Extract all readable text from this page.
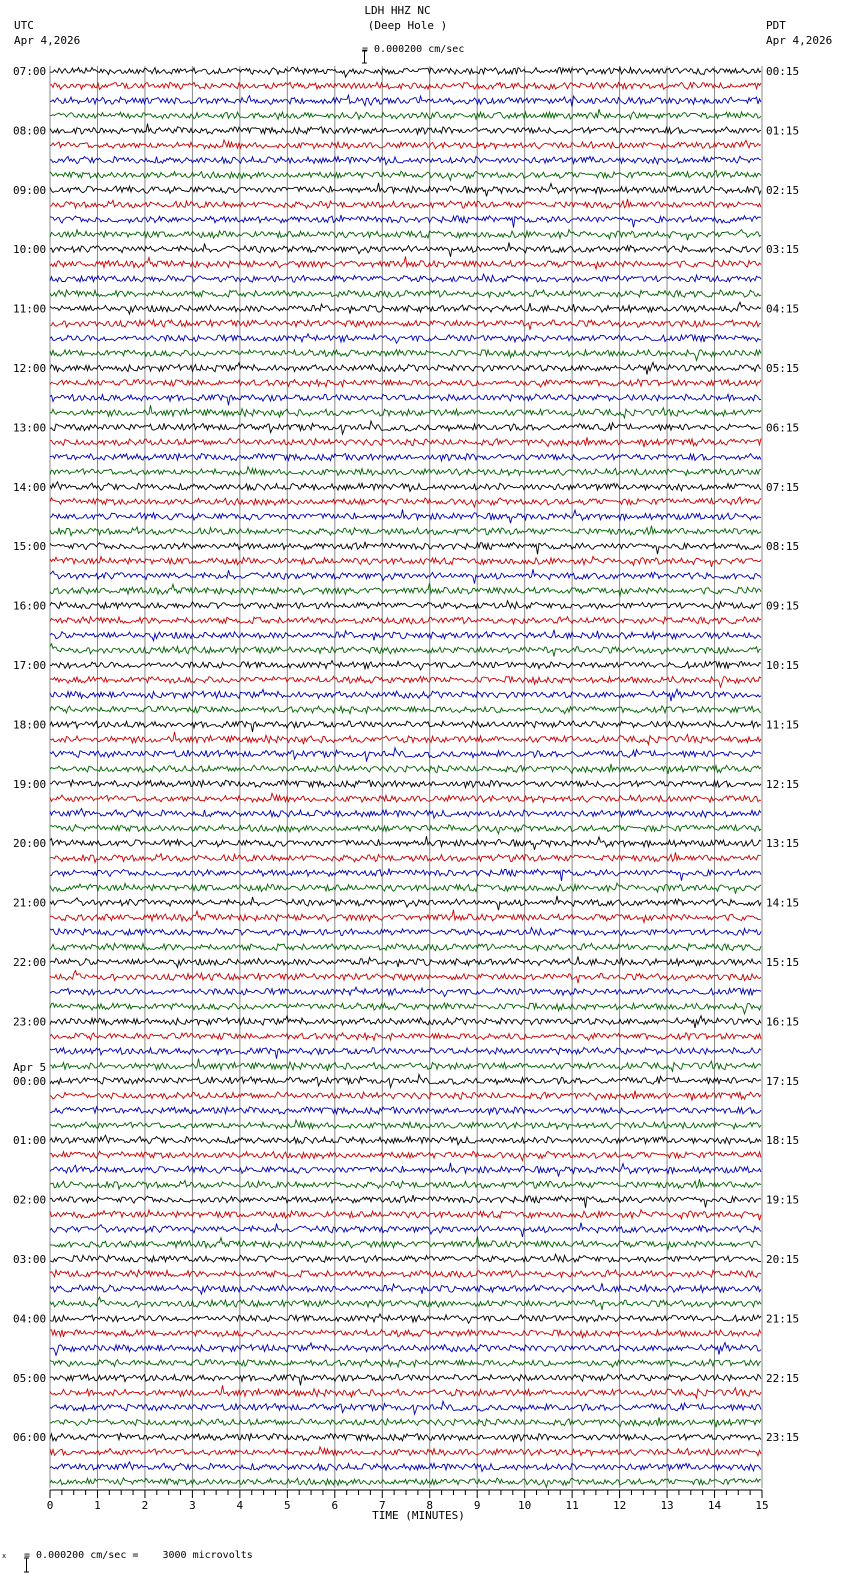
LDH HHZ NC
(Deep Hole )

= 0.000200 cm/sec
UTC
Apr 4,2026
PDT
Apr 4,2026
0	1	2	3	4	5	6	7	8	9	10	11	12	13	14	15
07:00	00:15
08:00	01:15
09:00	02:15
10:00	03:15
11:00	04:15
12:00	05:15
13:00	06:15
14:00	07:15
15:00	08:15
16:00	09:15
17:00	10:15
18:00	11:15
19:00	12:15
20:00	13:15
21:00	14:15
22:00	15:15
23:00	16:15
00:00	17:15
01:00	18:15
02:00	19:15
03:00	20:15
04:00	21:15
05:00	22:15
06:00	23:15
Apr 5
TIME (MINUTES)
x

= 0.000200 cm/sec =    3000 microvolts
